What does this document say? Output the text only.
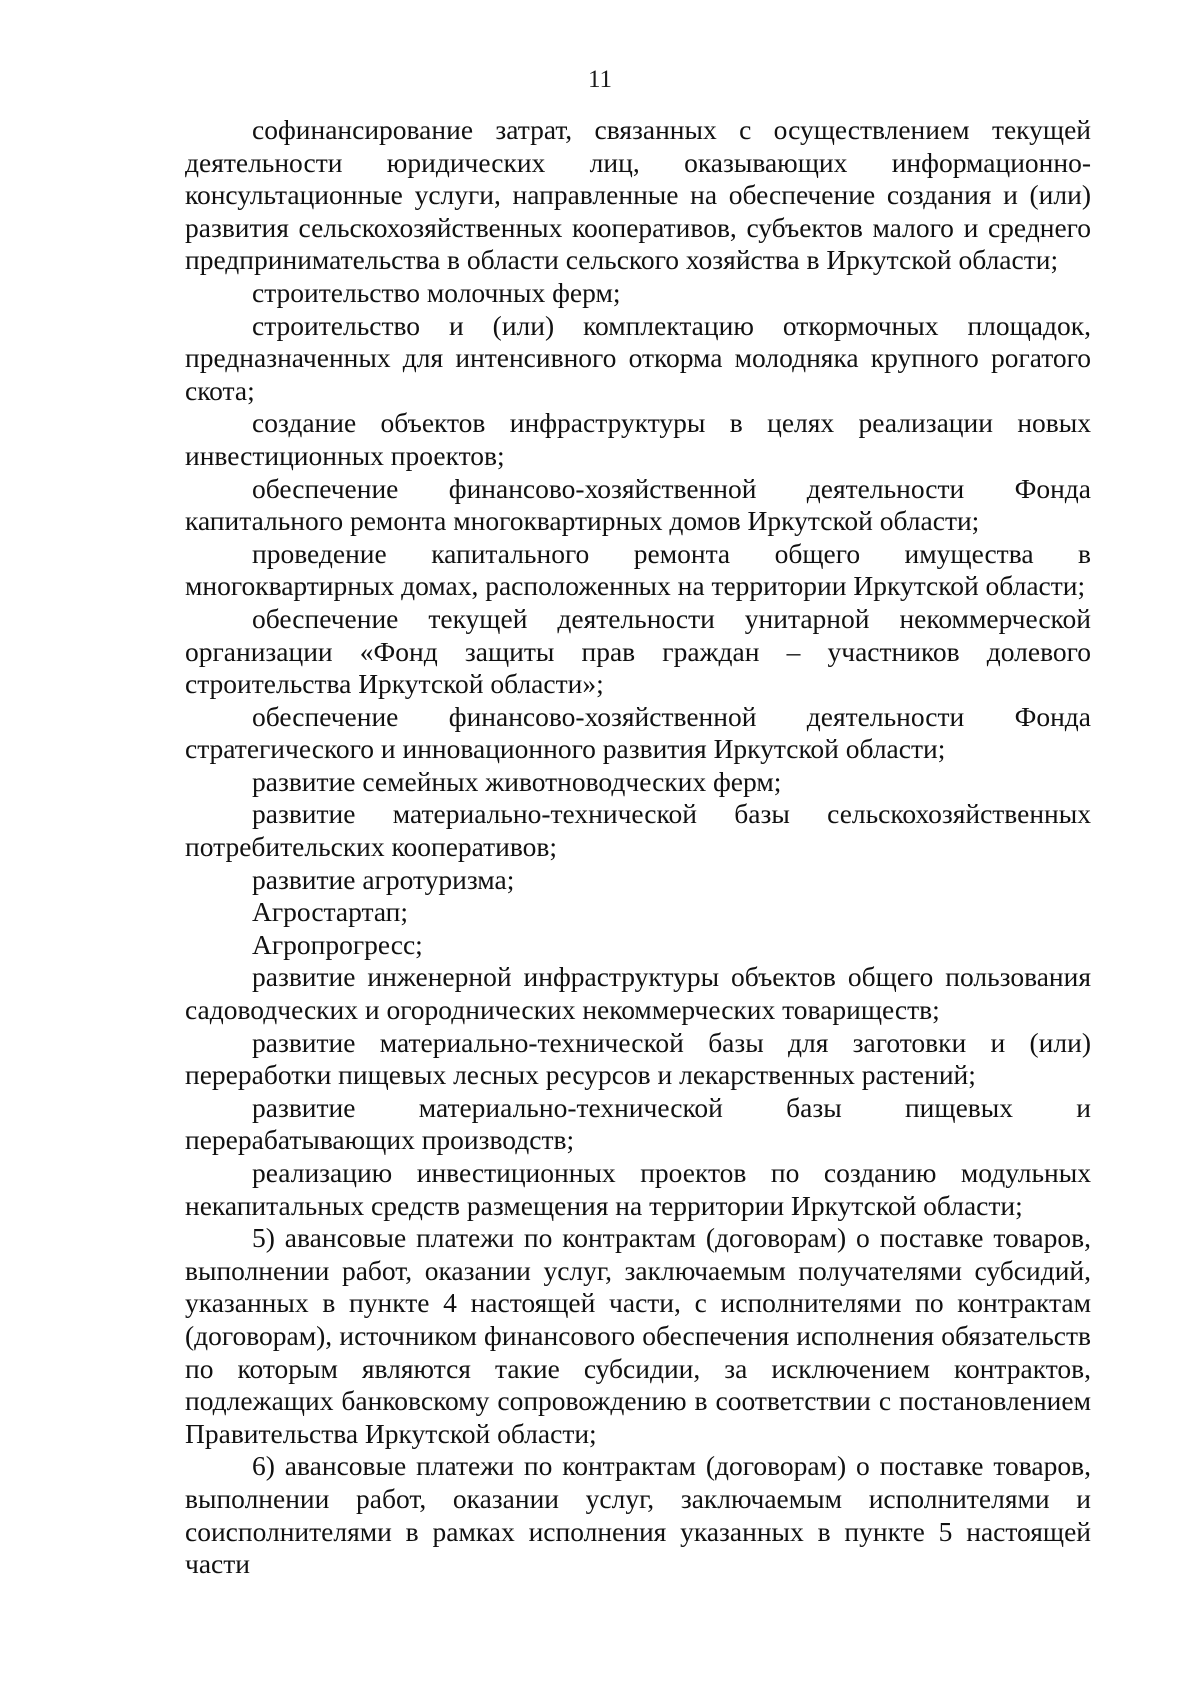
11

софинансирование затрат, связанных с осуществлением текущей деятельности юридических лиц, оказывающих информационно-консультационные услуги, направленные на обеспечение создания и (или) развития сельскохозяйственных кооперативов, субъектов малого и среднего предпринимательства в области сельского хозяйства в Иркутской области;

строительство молочных ферм;

строительство и (или) комплектацию откормочных площадок, предназначенных для интенсивного откорма молодняка крупного рогатого скота;

создание объектов инфраструктуры в целях реализации новых инвестиционных проектов;

обеспечение финансово-хозяйственной деятельности Фонда капитального ремонта многоквартирных домов Иркутской области;

проведение капитального ремонта общего имущества в многоквартирных домах, расположенных на территории Иркутской области;

обеспечение текущей деятельности унитарной некоммерческой организации «Фонд защиты прав граждан – участников долевого строительства Иркутской области»;

обеспечение финансово-хозяйственной деятельности Фонда стратегического и инновационного развития Иркутской области;

развитие семейных животноводческих ферм;

развитие материально-технической базы сельскохозяйственных потребительских кооперативов;

развитие агротуризма;

Агростартап;

Агропрогресс;

развитие инженерной инфраструктуры объектов общего пользования садоводческих и огороднических некоммерческих товариществ;

развитие материально-технической базы для заготовки и (или) переработки пищевых лесных ресурсов и лекарственных растений;

развитие материально-технической базы пищевых и перерабатывающих производств;

реализацию инвестиционных проектов по созданию модульных некапитальных средств размещения на территории Иркутской области;

5) авансовые платежи по контрактам (договорам) о поставке товаров, выполнении работ, оказании услуг, заключаемым получателями субсидий, указанных в пункте 4 настоящей части, с исполнителями по контрактам (договорам), источником финансового обеспечения исполнения обязательств по которым являются такие субсидии, за исключением контрактов, подлежащих банковскому сопровождению в соответствии с постановлением Правительства Иркутской области;

6) авансовые платежи по контрактам (договорам) о поставке товаров, выполнении работ, оказании услуг, заключаемым исполнителями и соисполнителями в рамках исполнения указанных в пункте 5 настоящей части
